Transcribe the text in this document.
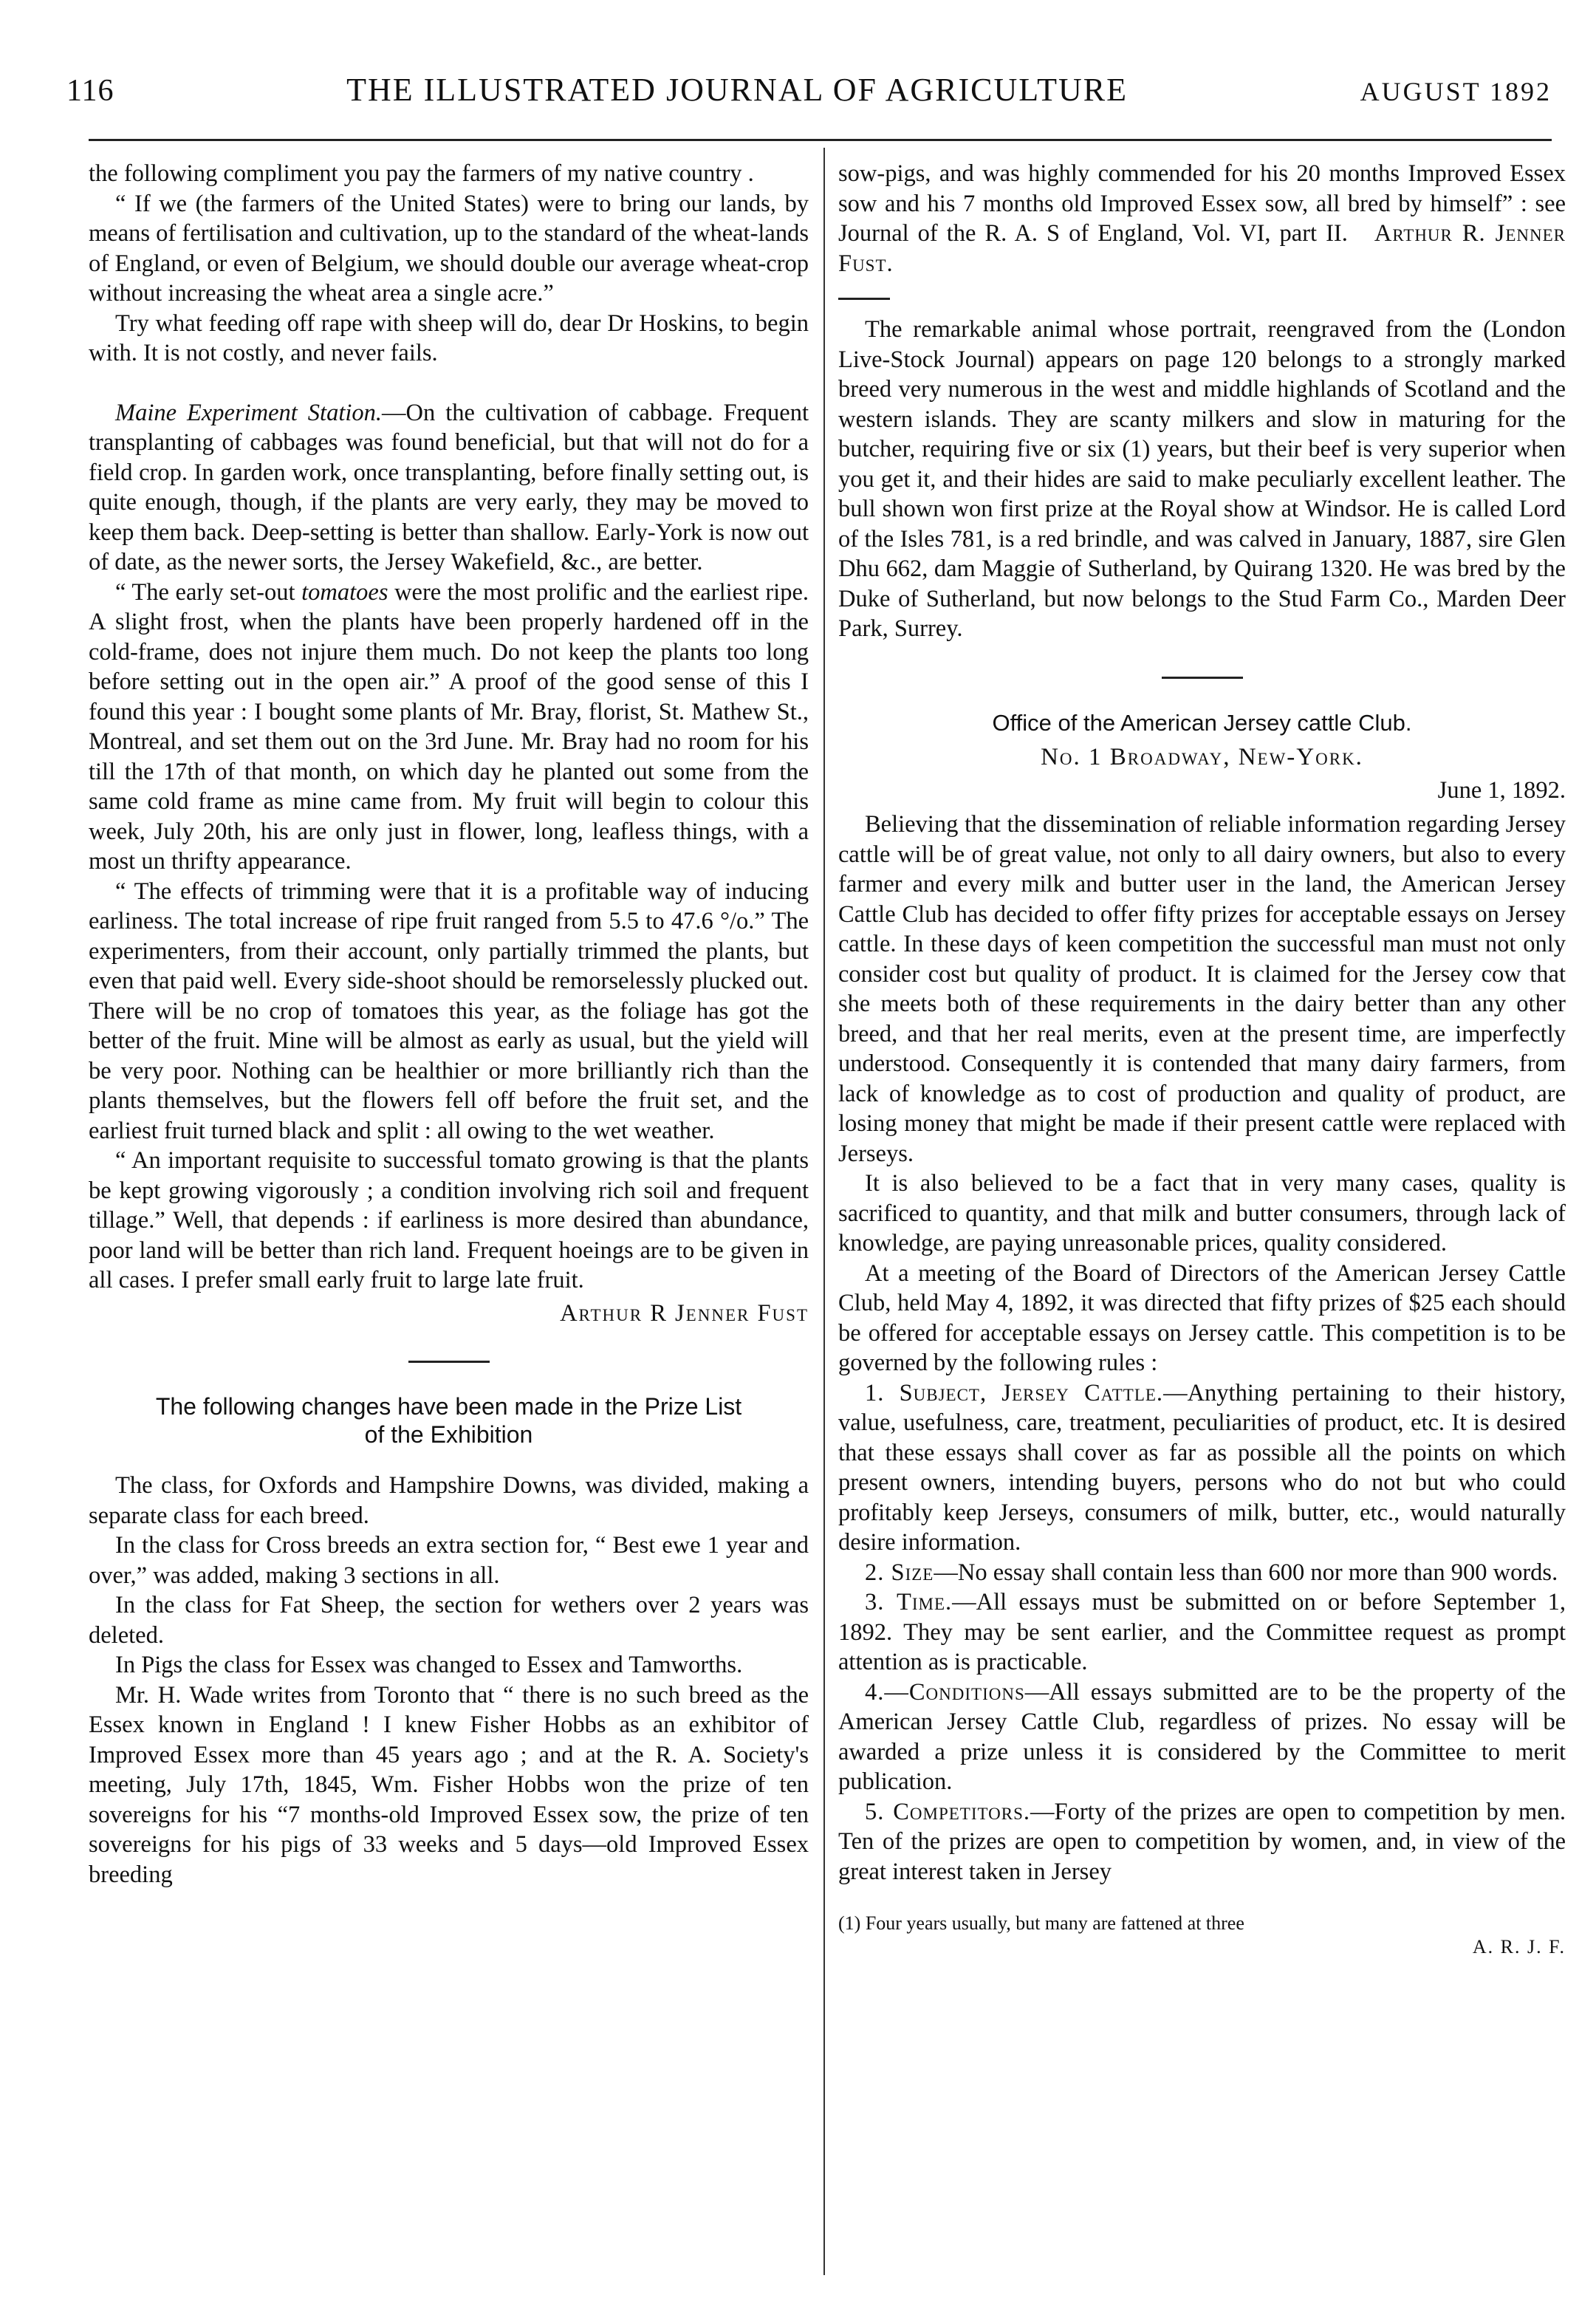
116	THE ILLUSTRATED JOURNAL OF AGRICULTURE	AUGUST 1892

the following compliment you pay the farmers of my native country .

“ If we (the farmers of the United States) were to bring our lands, by means of fertilisation and cultivation, up to the standard of the wheat-lands of England, or even of Belgium, we should double our average wheat-crop without increasing the wheat area a single acre.”

Try what feeding off rape with sheep will do, dear Dr Hoskins, to begin with. It is not costly, and never fails.

Maine Experiment Station.—On the cultivation of cabbage. Frequent transplanting of cabbages was found beneficial, but that will not do for a field crop. In garden work, once transplanting, before finally setting out, is quite enough, though, if the plants are very early, they may be moved to keep them back. Deep-setting is better than shallow. Early-York is now out of date, as the newer sorts, the Jersey Wakefield, &c., are better.

“ The early set-out tomatoes were the most prolific and the earliest ripe. A slight frost, when the plants have been properly hardened off in the cold-frame, does not injure them much. Do not keep the plants too long before setting out in the open air.” A proof of the good sense of this I found this year : I bought some plants of Mr. Bray, florist, St. Mathew St., Montreal, and set them out on the 3rd June. Mr. Bray had no room for his till the 17th of that month, on which day he planted out some from the same cold frame as mine came from. My fruit will begin to colour this week, July 20th, his are only just in flower, long, leafless things, with a most un thrifty appearance.

“ The effects of trimming were that it is a profitable way of inducing earliness. The total increase of ripe fruit ranged from 5.5 to 47.6 °/o.” The experimenters, from their account, only partially trimmed the plants, but even that paid well. Every side-shoot should be remorselessly plucked out. There will be no crop of tomatoes this year, as the foliage has got the better of the fruit. Mine will be almost as early as usual, but the yield will be very poor. Nothing can be healthier or more brilliantly rich than the plants themselves, but the flowers fell off before the fruit set, and the earliest fruit turned black and split : all owing to the wet weather.

“ An important requisite to successful tomato growing is that the plants be kept growing vigorously ; a condition involving rich soil and frequent tillage.” Well, that depends : if earliness is more desired than abundance, poor land will be better than rich land. Frequent hoeings are to be given in all cases. I prefer small early fruit to large late fruit.

Arthur R Jenner Fust

The following changes have been made in the Prize List
of the Exhibition

The class, for Oxfords and Hampshire Downs, was divided, making a separate class for each breed.

In the class for Cross breeds an extra section for, “ Best ewe 1 year and over,” was added, making 3 sections in all.

In the class for Fat Sheep, the section for wethers over 2 years was deleted.

In Pigs the class for Essex was changed to Essex and Tamworths.

Mr. H. Wade writes from Toronto that “ there is no such breed as the Essex known in England ! I knew Fisher Hobbs as an exhibitor of Improved Essex more than 45 years ago ; and at the R. A. Society's meeting, July 17th, 1845, Wm. Fisher Hobbs won the prize of ten sovereigns for his “7 months-old Improved Essex sow, the prize of ten sovereigns for his pigs of 33 weeks and 5 days—old Improved Essex breeding

sow-pigs, and was highly commended for his 20 months Improved Essex sow and his 7 months old Improved Essex sow, all bred by himself” : see Journal of the R. A. S of England, Vol. VI, part II. Arthur R. Jenner Fust.

The remarkable animal whose portrait, reengraved from the (London Live-Stock Journal) appears on page 120 belongs to a strongly marked breed very numerous in the west and middle highlands of Scotland and the western islands. They are scanty milkers and slow in maturing for the butcher, requiring five or six (1) years, but their beef is very superior when you get it, and their hides are said to make peculiarly excellent leather. The bull shown won first prize at the Royal show at Windsor. He is called Lord of the Isles 781, is a red brindle, and was calved in January, 1887, sire Glen Dhu 662, dam Maggie of Sutherland, by Quirang 1320. He was bred by the Duke of Sutherland, but now belongs to the Stud Farm Co., Marden Deer Park, Surrey.

Office of the American Jersey cattle Club.
No. 1 Broadway, New-York.
June 1, 1892.

Believing that the dissemination of reliable information regarding Jersey cattle will be of great value, not only to all dairy owners, but also to every farmer and every milk and butter user in the land, the American Jersey Cattle Club has decided to offer fifty prizes for acceptable essays on Jersey cattle. In these days of keen competition the successful man must not only consider cost but quality of product. It is claimed for the Jersey cow that she meets both of these requirements in the dairy better than any other breed, and that her real merits, even at the present time, are imperfectly understood. Consequently it is contended that many dairy farmers, from lack of knowledge as to cost of production and quality of product, are losing money that might be made if their present cattle were replaced with Jerseys.

It is also believed to be a fact that in very many cases, quality is sacrificed to quantity, and that milk and butter consumers, through lack of knowledge, are paying unreasonable prices, quality considered.

At a meeting of the Board of Directors of the American Jersey Cattle Club, held May 4, 1892, it was directed that fifty prizes of $25 each should be offered for acceptable essays on Jersey cattle. This competition is to be governed by the following rules :

1. Subject, Jersey Cattle.—Anything pertaining to their history, value, usefulness, care, treatment, peculiarities of product, etc. It is desired that these essays shall cover as far as possible all the points on which present owners, intending buyers, persons who do not but who could profitably keep Jerseys, consumers of milk, butter, etc., would naturally desire information.

2. Size—No essay shall contain less than 600 nor more than 900 words.

3. Time.—All essays must be submitted on or before September 1, 1892. They may be sent earlier, and the Committee request as prompt attention as is practicable.

4.—Conditions—All essays submitted are to be the property of the American Jersey Cattle Club, regardless of prizes. No essay will be awarded a prize unless it is considered by the Committee to merit publication.

5. Competitors.—Forty of the prizes are open to competition by men. Ten of the prizes are open to competition by women, and, in view of the great interest taken in Jersey

(1) Four years usually, but many are fattened at three
A. R. J. F.
